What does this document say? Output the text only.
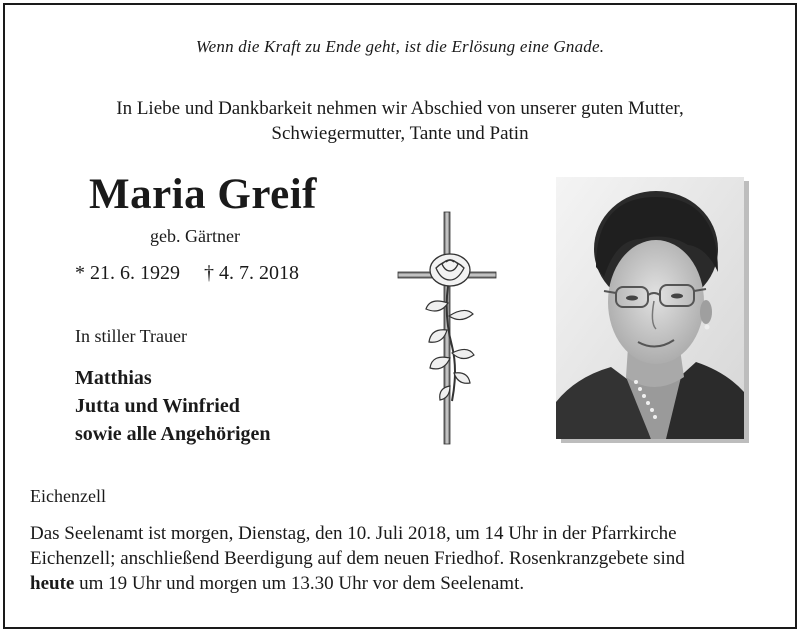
Wenn die Kraft zu Ende geht, ist die Erlösung eine Gnade.
In Liebe und Dankbarkeit nehmen wir Abschied von unserer guten Mutter,
Schwiegermutter, Tante und Patin
Maria Greif
geb. Gärtner
* 21. 6. 1929 † 4. 7. 2018
In stiller Trauer
Matthias
Jutta und Winfried
sowie alle Angehörigen
Eichenzell
Das Seelenamt ist morgen, Dienstag, den 10. Juli 2018, um 14 Uhr in der Pfarrkirche
Eichenzell; anschließend Beerdigung auf dem neuen Friedhof. Rosenkranzgebete sind
heute um 19 Uhr und morgen um 13.30 Uhr vor dem Seelenamt.
